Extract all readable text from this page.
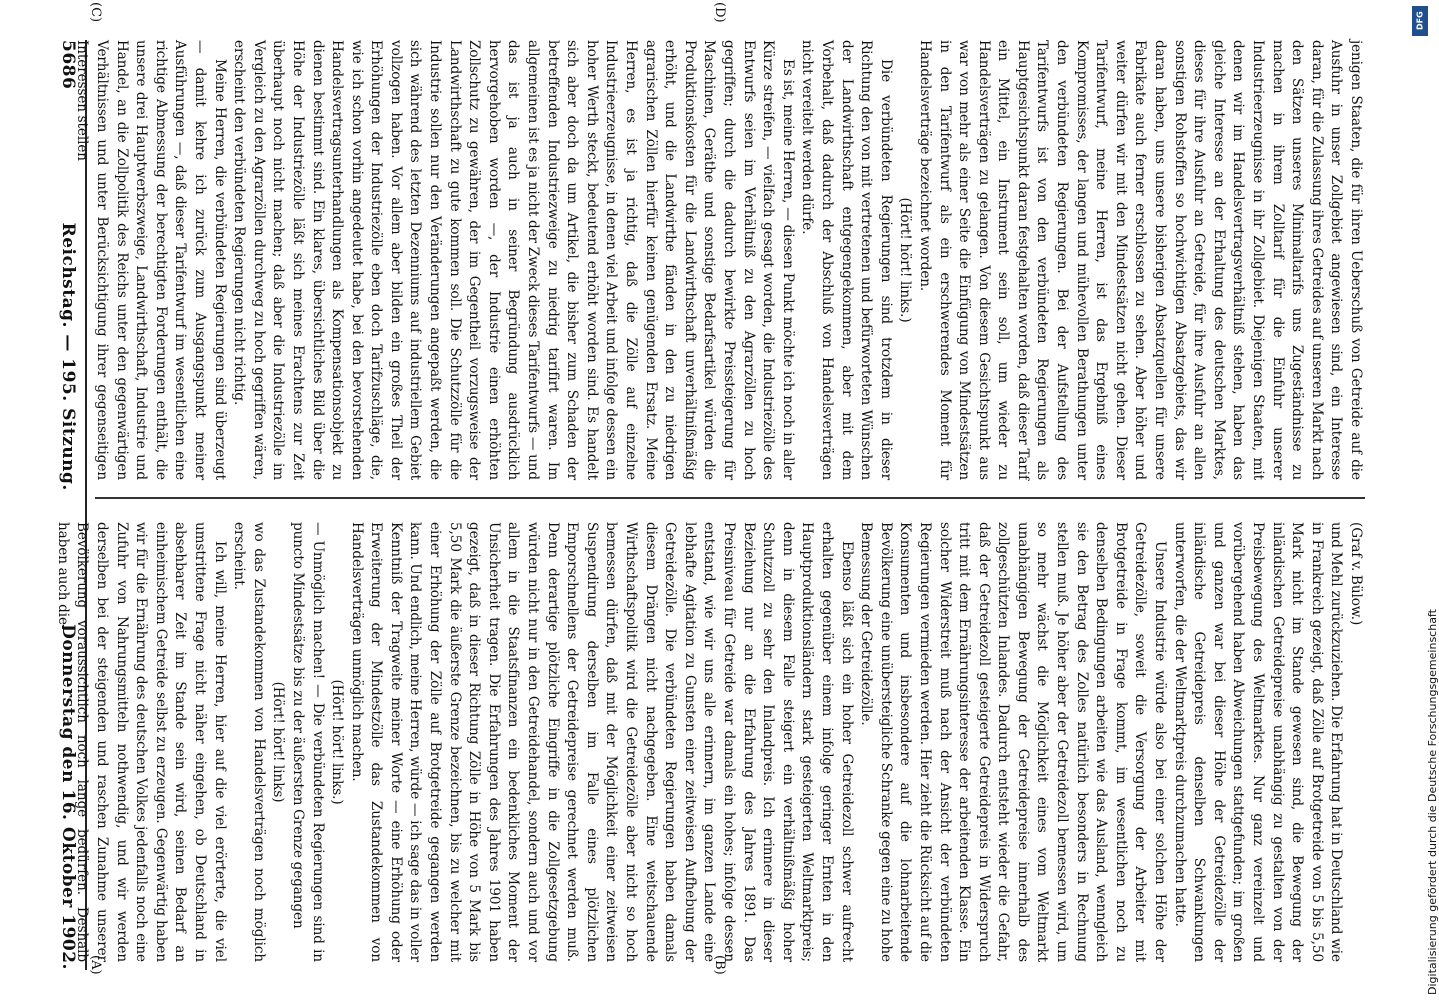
5686
Reichstag. — 195. Sitzung.
Donnerstag den 16. Oktober 1902.

(Graf v. Bülow.)

und Mehl zurückzuziehen. Die Erfahrung hat in Deutschland wie in Frankreich gezeigt, daß Zölle auf Brotgetreide von 5 bis 5,50 Mark nicht im Stande gewesen sind, die Bewegung der inländischen Getreidepreise unabhängig zu gestalten von der Preisbewegung des Weltmarktes. Nur ganz vereinzelt und vorübergehend haben Abweichungen stattgefunden; im großen und ganzen war bei dieser Höhe der Getreidezölle der inländische Getreidepreis denselben Schwankungen unterworfen, die der Weltmarktpreis durchzumachen hatte.

Unsere Industrie würde also bei einer solchen Höhe der Getreidezölle, soweit die Versorgung der Arbeiter mit Brotgetreide in Frage kommt, im wesentlichen noch zu denselben Bedingungen arbeiten wie das Ausland, wenngleich sie den Betrag des Zolles natürlich besonders in Rechnung stellen muß. Je höher aber der Getreidezoll bemessen wird, um so mehr wächst die Möglichkeit eines vom Weltmarkt unabhängigen Bewegung der Getreidepreise innerhalb des zollgeschützten Inlandes. Dadurch entsteht wieder die Gefahr, daß der Getreidezoll gesteigerte Getreidepreis in Widerspruch tritt mit dem Ernährungsinteresse der arbeitenden Klasse. Ein solcher Widerstreit muß nach der Ansicht der verbündeten Regierungen vermieden werden. Hier zieht die Rücksicht auf die Konsumenten und insbesondere auf die lohnarbeitende Bevölkerung eine unübersteigliche Schranke gegen eine zu hohe Bemessung der Getreidezölle.

Ebenso läßt sich ein hoher Getreidezoll schwer aufrecht erhalten gegenüber einem infolge geringer Ernten in den Hauptproduktionsländern stark gesteigerten Weltmarktpreis; denn in diesem Falle steigert ein verhältnißmäßig hoher Schutzzoll zu sehr den Inlandpreis. Ich erinnere in dieser Beziehung nur an die Erfahrung des Jahres 1891. Das Preisniveau für Getreide war damals ein hohes; infolge dessen entstand, wie wir uns alle erinnern, im ganzen Lande eine lebhafte Agitation zu Gunsten einer zeitweisen Aufhebung der Getreidezölle. Die verbündeten Regierungen haben damals diesem Drängen nicht nachgegeben. Eine weitschauende Wirthschaftspolitik wird die Getreidezölle aber nicht so hoch bemessen dürfen, daß mit der Möglichkeit einer zeitweisen Suspendirung derselben im Falle eines plötzlichen Emporschnellens der Getreidepreise gerechnet werden muß. Denn derartige plötzliche Eingriffe in die Zollgesetzgebung würden nicht nur in den Getreidehandel, sondern auch und vor allem in die Staatsfinanzen ein bedenkliches Moment der Unsicherheit tragen. Die Erfahrungen des Jahres 1901 haben gezeigt, daß in dieser Richtung Zölle in Höhe von 5 Mark bis 5,50 Mark die äußerste Grenze bezeichnen, bis zu welcher mit einer Erhöhung der Zölle auf Brotgetreide gegangen werden kann. Und endlich, meine Herren, würde — ich sage das in voller Kenntniß der Tragweite meiner Worte — eine Erhöhung oder Erweiterung der Mindestzölle das Zustandekommen von Handelsverträgen unmöglich machen.

(Hört! hört! links.)

— Unmöglich machen! — Die verbündeten Regierungen sind in puncto Mindestsätze bis zu der äußersten Grenze gegangen

(Hört! hört! links)

wo das Zustandekommen von Handelsverträgen noch möglich erscheint.

Ich will, meine Herren, hier auf die viel erörterte, die viel umstrittene Frage nicht näher eingehen, ob Deutschland in absehbarer Zeit im Stande sein wird, seinen Bedarf an einheimischem Getreide selbst zu erzeugen. Gegenwärtig haben wir für die Ernährung des deutschen Volkes jedenfalls noch eine Zufuhr von Nahrungsmitteln nothwendig, und wir werden derselben bei der steigenden und raschen Zunahme unserer Bevölkerung voraussichtlich noch lange bedürfen. Deshalb haben auch die-

jenigen Staaten, die für ihren Ueberschuß von Getreide auf die Ausfuhr in unser Zollgebiet angewiesen sind, ein Interesse daran, für die Zulassung ihres Getreides auf unseren Markt nach den Sätzen unseres Minimaltarifs uns Zugeständnisse zu machen in ihrem Zolltarif für die Einfuhr unserer Industrieerzeugnisse in ihr Zollgebiet. Diejenigen Staaten, mit denen wir im Handelsvertragsverhältniß stehen, haben das gleiche Interesse an der Erhaltung des deutschen Marktes, dieses für ihre Ausfuhr an Getreide, für ihre Ausfuhr an allen sonstigen Rohstoffen so hochwichtigen Absatzgebiets, das wir daran haben, uns unsere bisherigen Absatzquellen für unsere Fabrikate auch ferner erschlossen zu sehen. Aber höher und weiter dürfen wir mit den Mindestsätzen nicht gehen. Dieser Tarifentwurf, meine Herren, ist das Ergebniß eines Kompromisses, der langen und mühevollen Berathungen unter den verbündeten Regierungen. Bei der Aufstellung des Tarifentwurfs ist von den verbündeten Regierungen als Hauptgesichtspunkt daran festgehalten worden, daß dieser Tarif ein Mittel, ein Instrument sein soll, um wieder zu Handelsverträgen zu gelangen. Von diesem Gesichtspunkt aus war von mehr als einer Seite die Einfügung von Mindestsätzen in den Tarifentwurf als ein erschwerendes Moment für Handelsverträge bezeichnet worden.

(Hört! hört! links.)

Die verbündeten Regierungen sind trotzdem in dieser Richtung den von mit vertretenen und befürworteten Wünschen der Landwirthschaft entgegengekommen, aber mit dem Vorbehalt, daß dadurch der Abschluß von Handelsverträgen nicht vereitelt werden dürfe.

Es ist, meine Herren, — diesen Punkt möchte ich noch in aller Kürze streifen, — vielfach gesagt worden, die Industriezölle des Entwurfs seien im Verhältniß zu den Agrarzöllen zu hoch gegriffen; durch die dadurch bewirkte Preissteigerung für Maschinen, Geräthe und sonstige Bedarfsartikel würden die Produktionskosten für die Landwirthschaft unverhältnißmäßig erhöht, und die Landwirthe fänden in den zu niedrigen agrarischen Zöllen hierfür keinen genügenden Ersatz. Meine Herren, es ist ja richtig, daß die Zölle auf einzelne Industrieerzeugnisse, in denen viel Arbeit und infolge dessen ein hoher Werth steckt, bedeutend erhöht worden sind. Es handelt sich aber doch da um Artikel, die bisher zum Schaden der betreffenden Industriezweige zu niedrig tarifirt waren. Im allgemeinen ist es ja nicht der Zweck dieses Tarifentwurfs — und das ist ja auch in seiner Begründung ausdrücklich hervorgehoben worden —, der Industrie einen erhöhten Zollschutz zu gewähren, der im Gegentheil vorzugsweise der Landwirthschaft zu gute kommen soll. Die Schutzzölle für die Industrie sollen nur den Veränderungen angepaßt werden, die sich während des letzten Dezenniums auf industriellem Gebiet vollzogen haben. Vor allem aber bilden ein großes Theil der Erhöhungen der Industriezölle eben doch Tarifzuschläge, die, wie ich schon vorhin angedeutet habe, bei den bevorstehenden Handelsvertragsunterhandlungen als Kompensationsobjekt zu dienen bestimmt sind. Ein klares, übersichtliches Bild über die Höhe der Industriezölle läßt sich meines Erachtens zur Zeit überhaupt noch nicht machen; daß aber die Industriezölle im Vergleich zu den Agrarzöllen durchweg zu hoch gegriffen wären, erscheint den verbündeten Regierungen nicht richtig.

Meine Herren, die verbündeten Regierungen sind überzeugt — damit kehre ich zurück zum Ausgangspunkt meiner Ausführungen —, daß dieser Tarifentwurf im wesentlichen eine richtige Abmessung der berechtigten Forderungen enthält, die unsere drei Hauptwerbszweige, Landwirthschaft, Industrie und Handel, an die Zollpolitik des Reichs unter den gegenwärtigen Verhältnissen und unter Berücksichtigung ihrer gegenseitigen Interessen stellen

(A)	(B)
(C)	(D)	DFG
Digitalisierung gefördert durch die Deutsche Forschungsgemeinschaft
